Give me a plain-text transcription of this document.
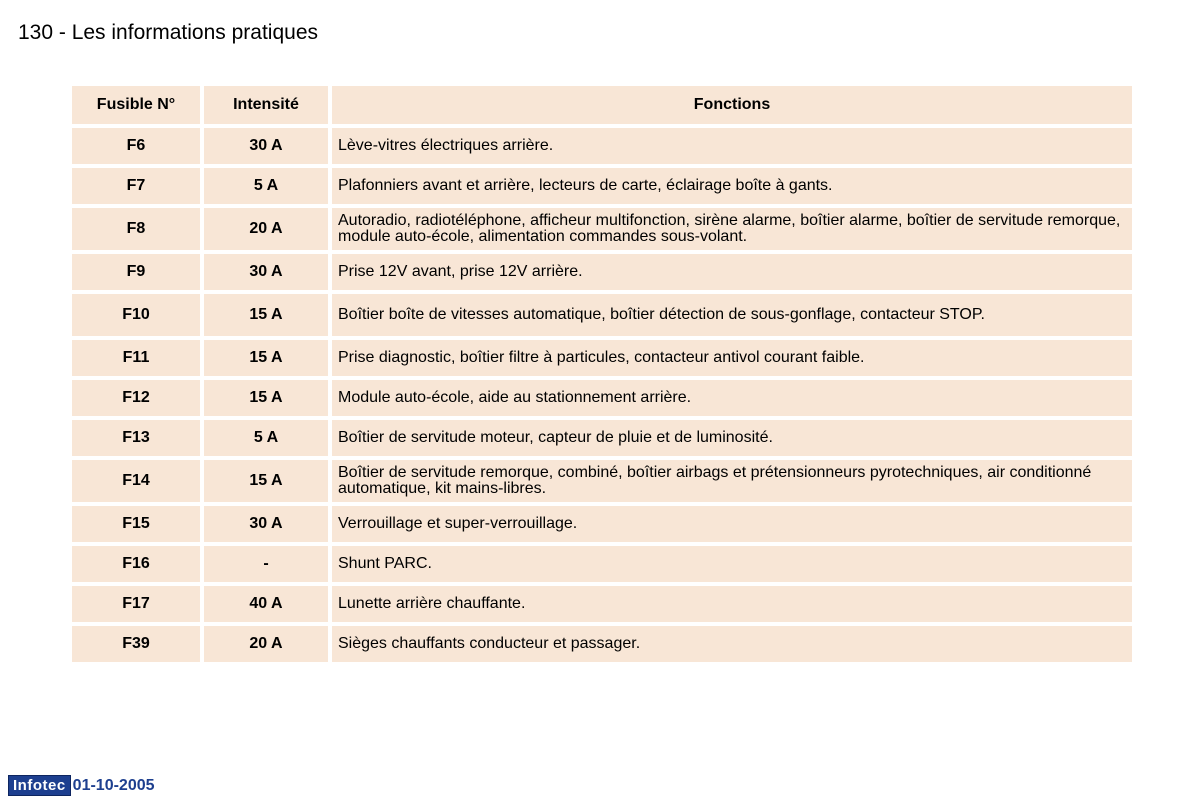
130 - Les informations pratiques
Fusible N°	Intensité	Fonctions
F6	30 A	Lève-vitres électriques arrière.
F7	5 A	Plafonniers avant et arrière, lecteurs de carte, éclairage boîte à gants.
F8	20 A	Autoradio, radiotéléphone, afficheur multifonction, sirène alarme, boîtier alarme, boîtier de servitude remorque, module auto-école, alimentation commandes sous-volant.
F9	30 A	Prise 12V avant, prise 12V arrière.
F10	15 A	Boîtier boîte de vitesses automatique, boîtier détection de sous-gonflage, contacteur STOP.
F11	15 A	Prise diagnostic, boîtier filtre à particules, contacteur antivol courant faible.
F12	15 A	Module auto-école, aide au stationnement arrière.
F13	5 A	Boîtier de servitude moteur, capteur de pluie et de luminosité.
F14	15 A	Boîtier de servitude remorque, combiné, boîtier airbags et prétensionneurs pyrotechniques, air conditionné automatique, kit mains-libres.
F15	30 A	Verrouillage et super-verrouillage.
F16	-	Shunt PARC.
F17	40 A	Lunette arrière chauffante.
F39	20 A	Sièges chauffants conducteur et passager.
Infotec 01-10-2005
